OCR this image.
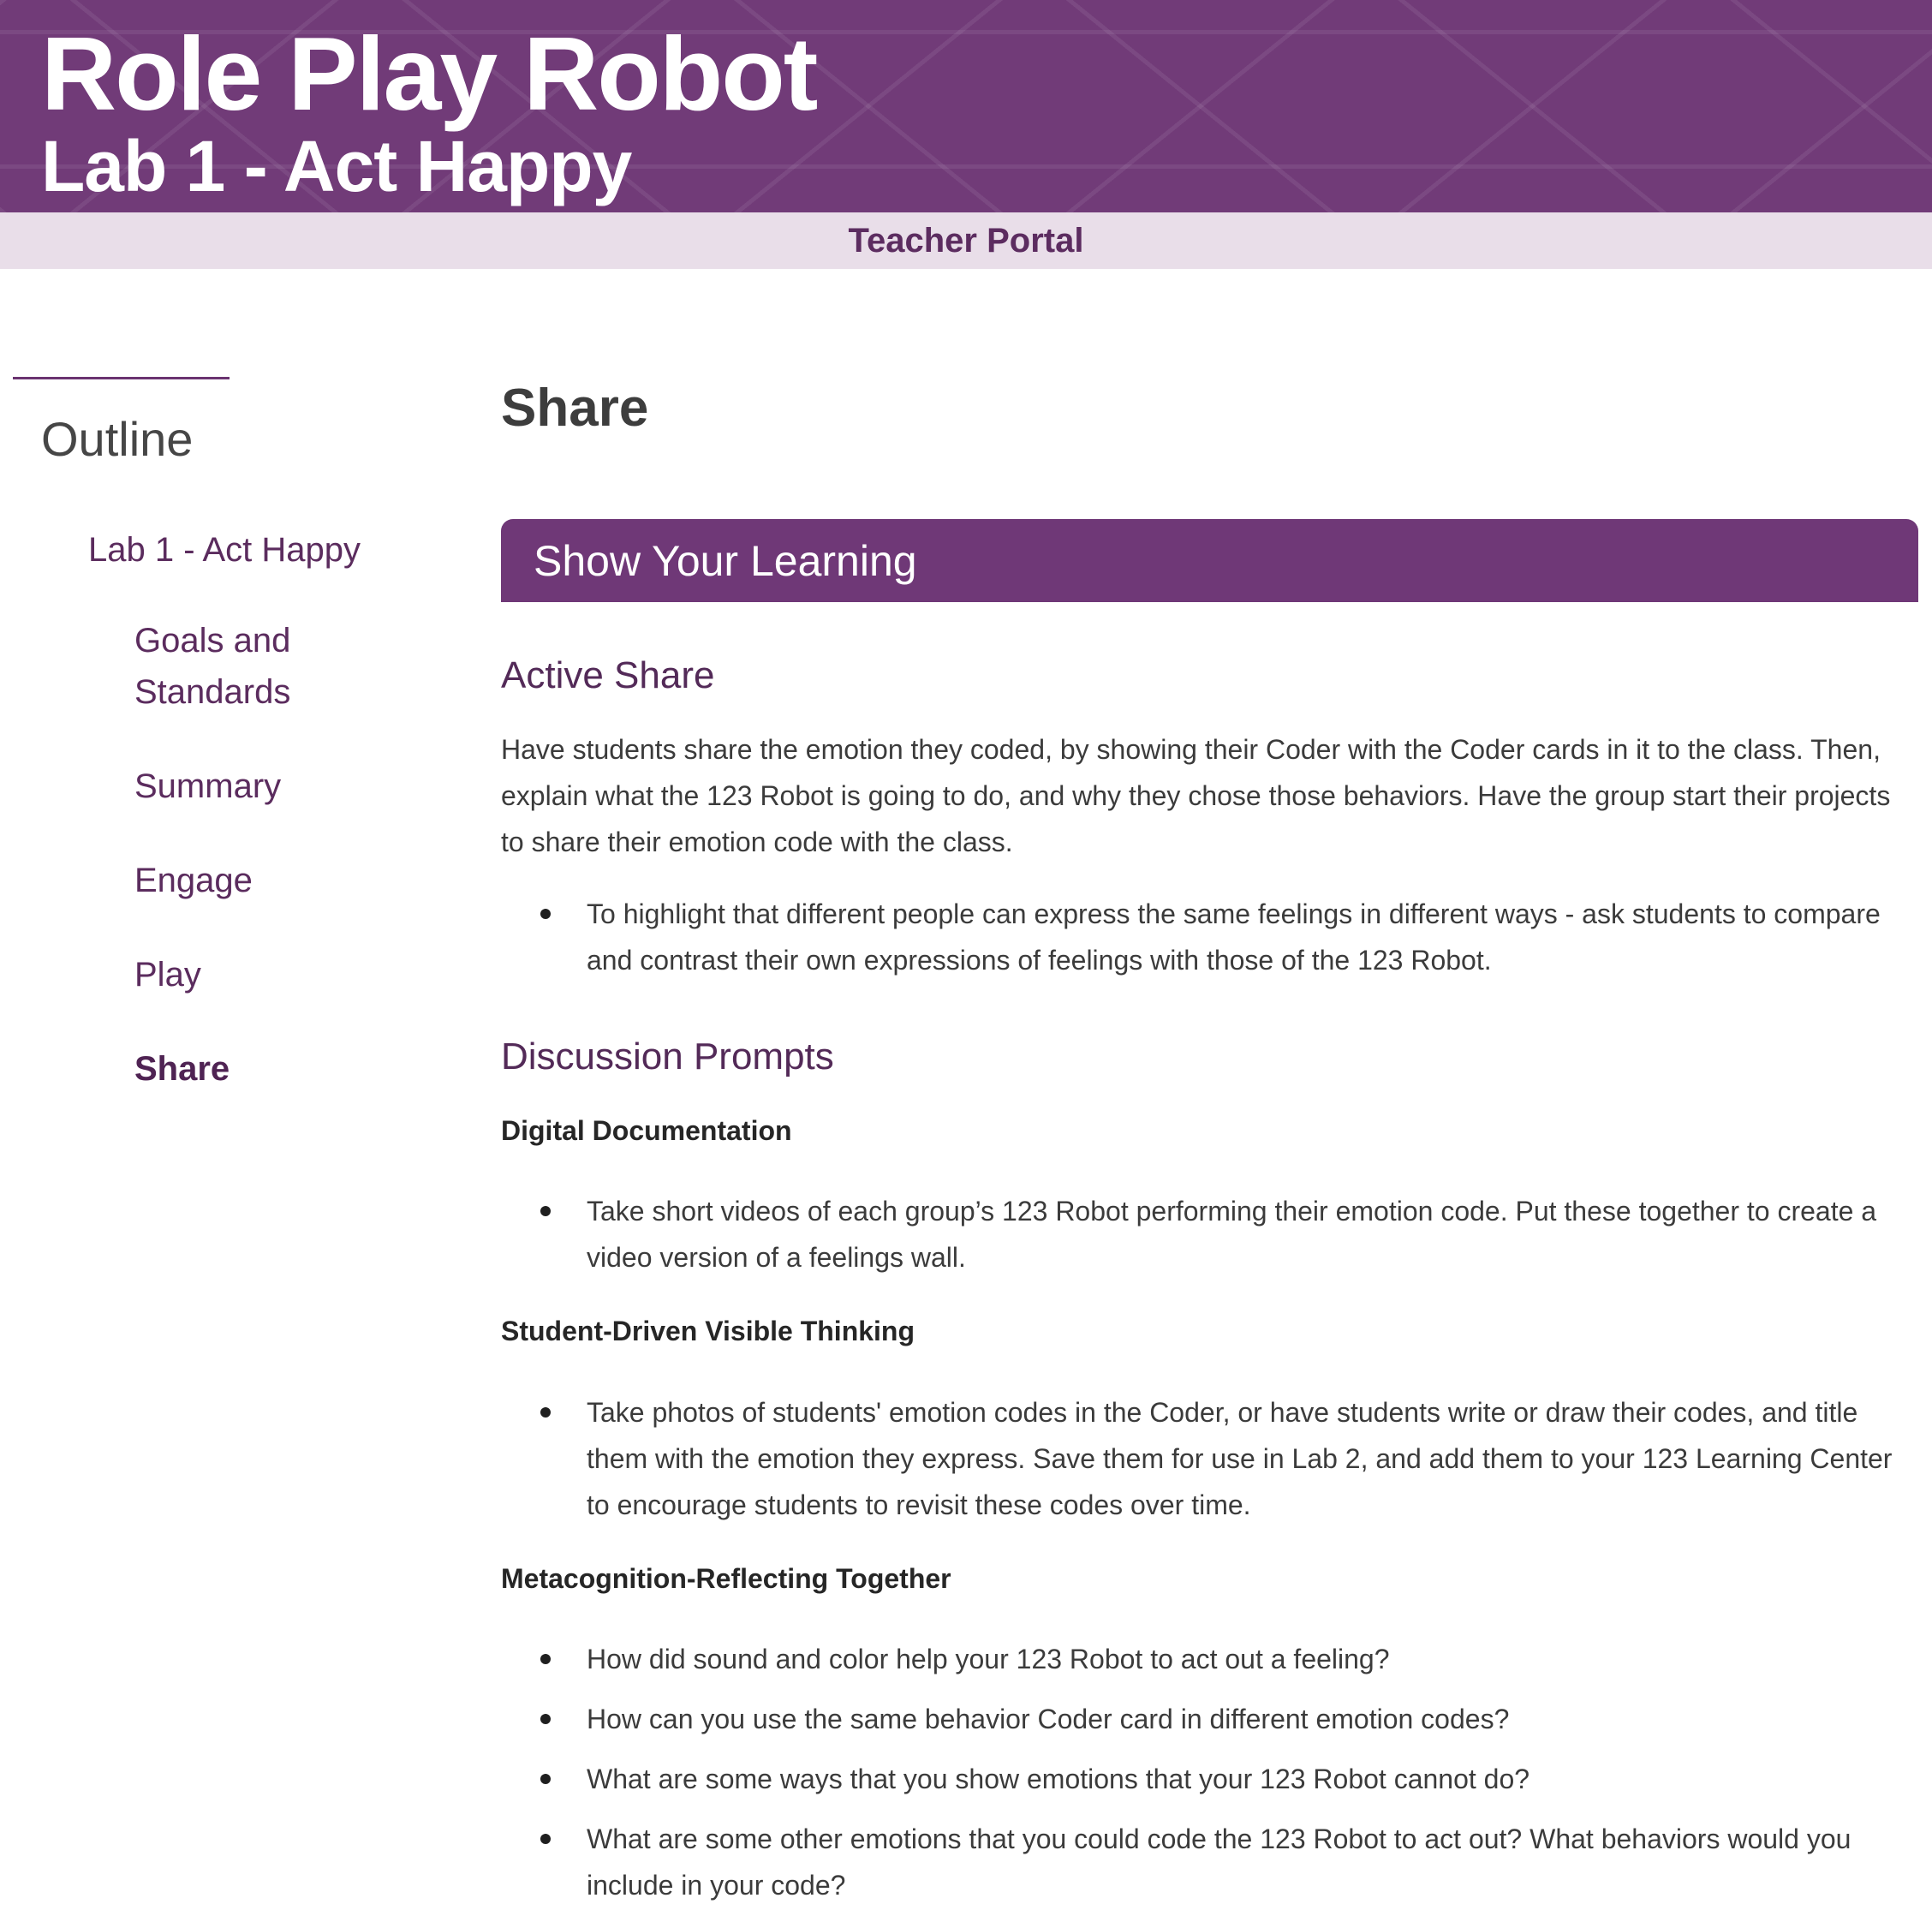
Role Play Robot
Lab 1 - Act Happy
Teacher Portal
Outline
Lab 1 - Act Happy
Goals and Standards
Summary
Engage
Play
Share
Share
Show Your Learning
Active Share

Have students share the emotion they coded, by showing their Coder with the Coder cards in it to the class. Then, explain what the 123 Robot is going to do, and why they chose those behaviors. Have the group start their projects to share their emotion code with the class.

To highlight that different people can express the same feelings in different ways - ask students to compare and contrast their own expressions of feelings with those of the 123 Robot.
Discussion Prompts
Digital Documentation
Take short videos of each group’s 123 Robot performing their emotion code. Put these together to create a video version of a feelings wall.
Student-Driven Visible Thinking
Take photos of students' emotion codes in the Coder, or have students write or draw their codes, and title them with the emotion they express. Save them for use in Lab 2, and add them to your 123 Learning Center to encourage students to revisit these codes over time.
Metacognition-Reflecting Together
How did sound and color help your 123 Robot to act out a feeling?
How can you use the same behavior Coder card in different emotion codes?
What are some ways that you show emotions that your 123 Robot cannot do?
What are some other emotions that you could code the 123 Robot to act out? What behaviors would you include in your code?
